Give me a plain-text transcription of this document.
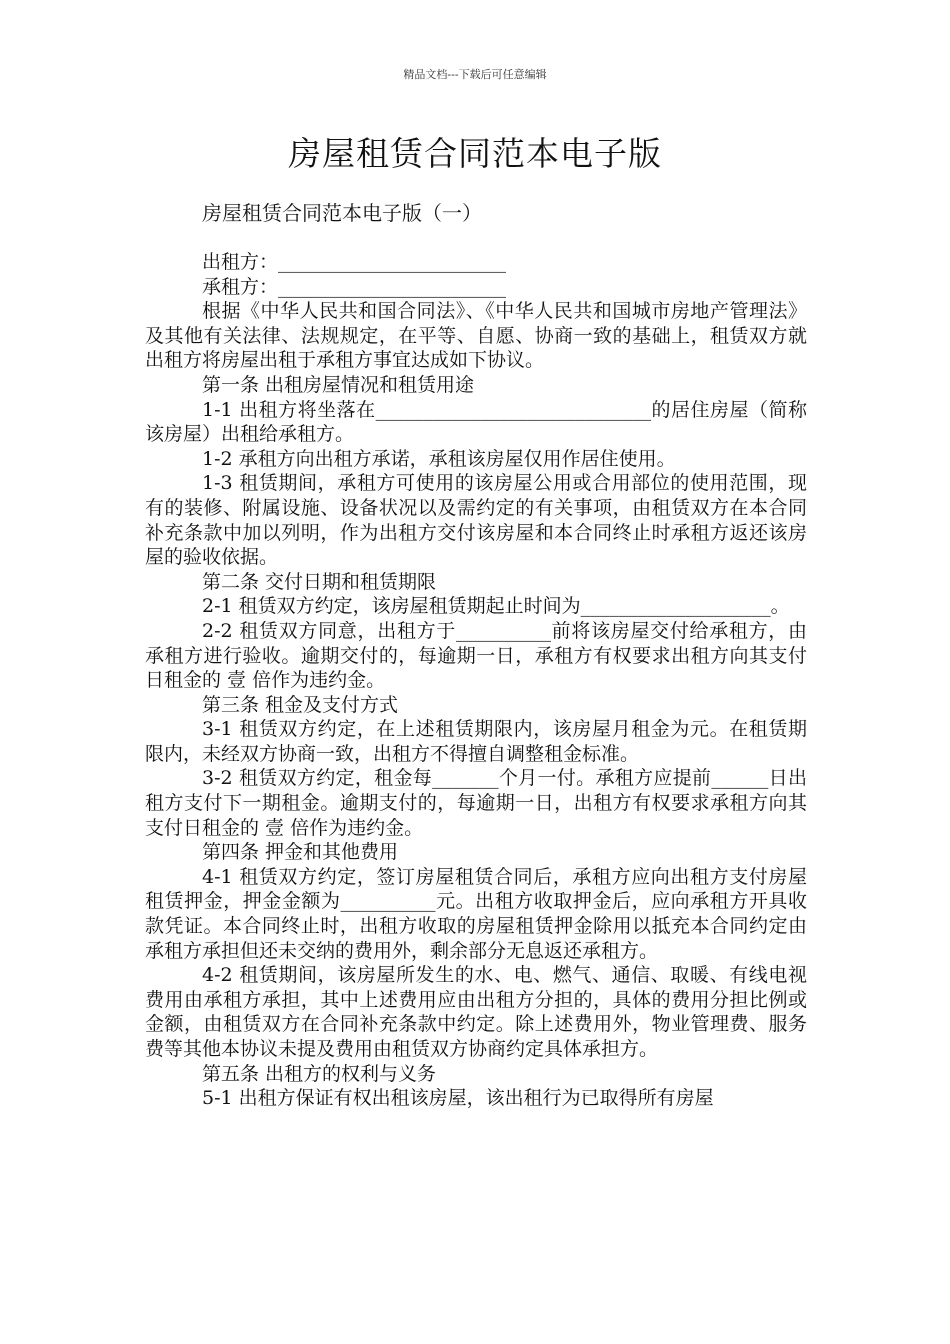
精品文档---下载后可任意编辑
房屋租赁合同范本电子版
房屋租赁合同范本电子版（一）

出租方：________________________

承租方：________________________

根据《中华人民共和国合同法》、《中华人民共和国城市房地产管理法》及其他有关法律、法规规定，在平等、自愿、协商一致的基础上，租赁双方就出租方将房屋出租于承租方事宜达成如下协议。

第一条 出租房屋情况和租赁用途

1-1 出租方将坐落在_____________________________的居住房屋（简称该房屋）出租给承租方。

1-2 承租方向出租方承诺，承租该房屋仅用作居住使用。

1-3 租赁期间，承租方可使用的该房屋公用或合用部位的使用范围，现有的装修、附属设施、设备状况以及需约定的有关事项，由租赁双方在本合同补充条款中加以列明，作为出租方交付该房屋和本合同终止时承租方返还该房屋的验收依据。

第二条 交付日期和租赁期限

2-1 租赁双方约定，该房屋租赁期起止时间为____________________。

2-2 租赁双方同意，出租方于__________前将该房屋交付给承租方，由承租方进行验收。逾期交付的，每逾期一日，承租方有权要求出租方向其支付日租金的 壹 倍作为违约金。

第三条 租金及支付方式

3-1 租赁双方约定，在上述租赁期限内，该房屋月租金为元。在租赁期限内，未经双方协商一致，出租方不得擅自调整租金标准。

3-2 租赁双方约定，租金每_______个月一付。承租方应提前______日出租方支付下一期租金。逾期支付的，每逾期一日，出租方有权要求承租方向其支付日租金的 壹 倍作为违约金。

第四条 押金和其他费用

4-1 租赁双方约定，签订房屋租赁合同后，承租方应向出租方支付房屋租赁押金，押金金额为__________元。出租方收取押金后，应向承租方开具收款凭证。本合同终止时，出租方收取的房屋租赁押金除用以抵充本合同约定由承租方承担但还未交纳的费用外，剩余部分无息返还承租方。

4-2 租赁期间，该房屋所发生的水、电、燃气、通信、取暖、有线电视费用由承租方承担，其中上述费用应由出租方分担的，具体的费用分担比例或金额，由租赁双方在合同补充条款中约定。除上述费用外，物业管理费、服务费等其他本协议未提及费用由租赁双方协商约定具体承担方。

第五条 出租方的权利与义务

5-1 出租方保证有权出租该房屋，该出租行为已取得所有房屋
